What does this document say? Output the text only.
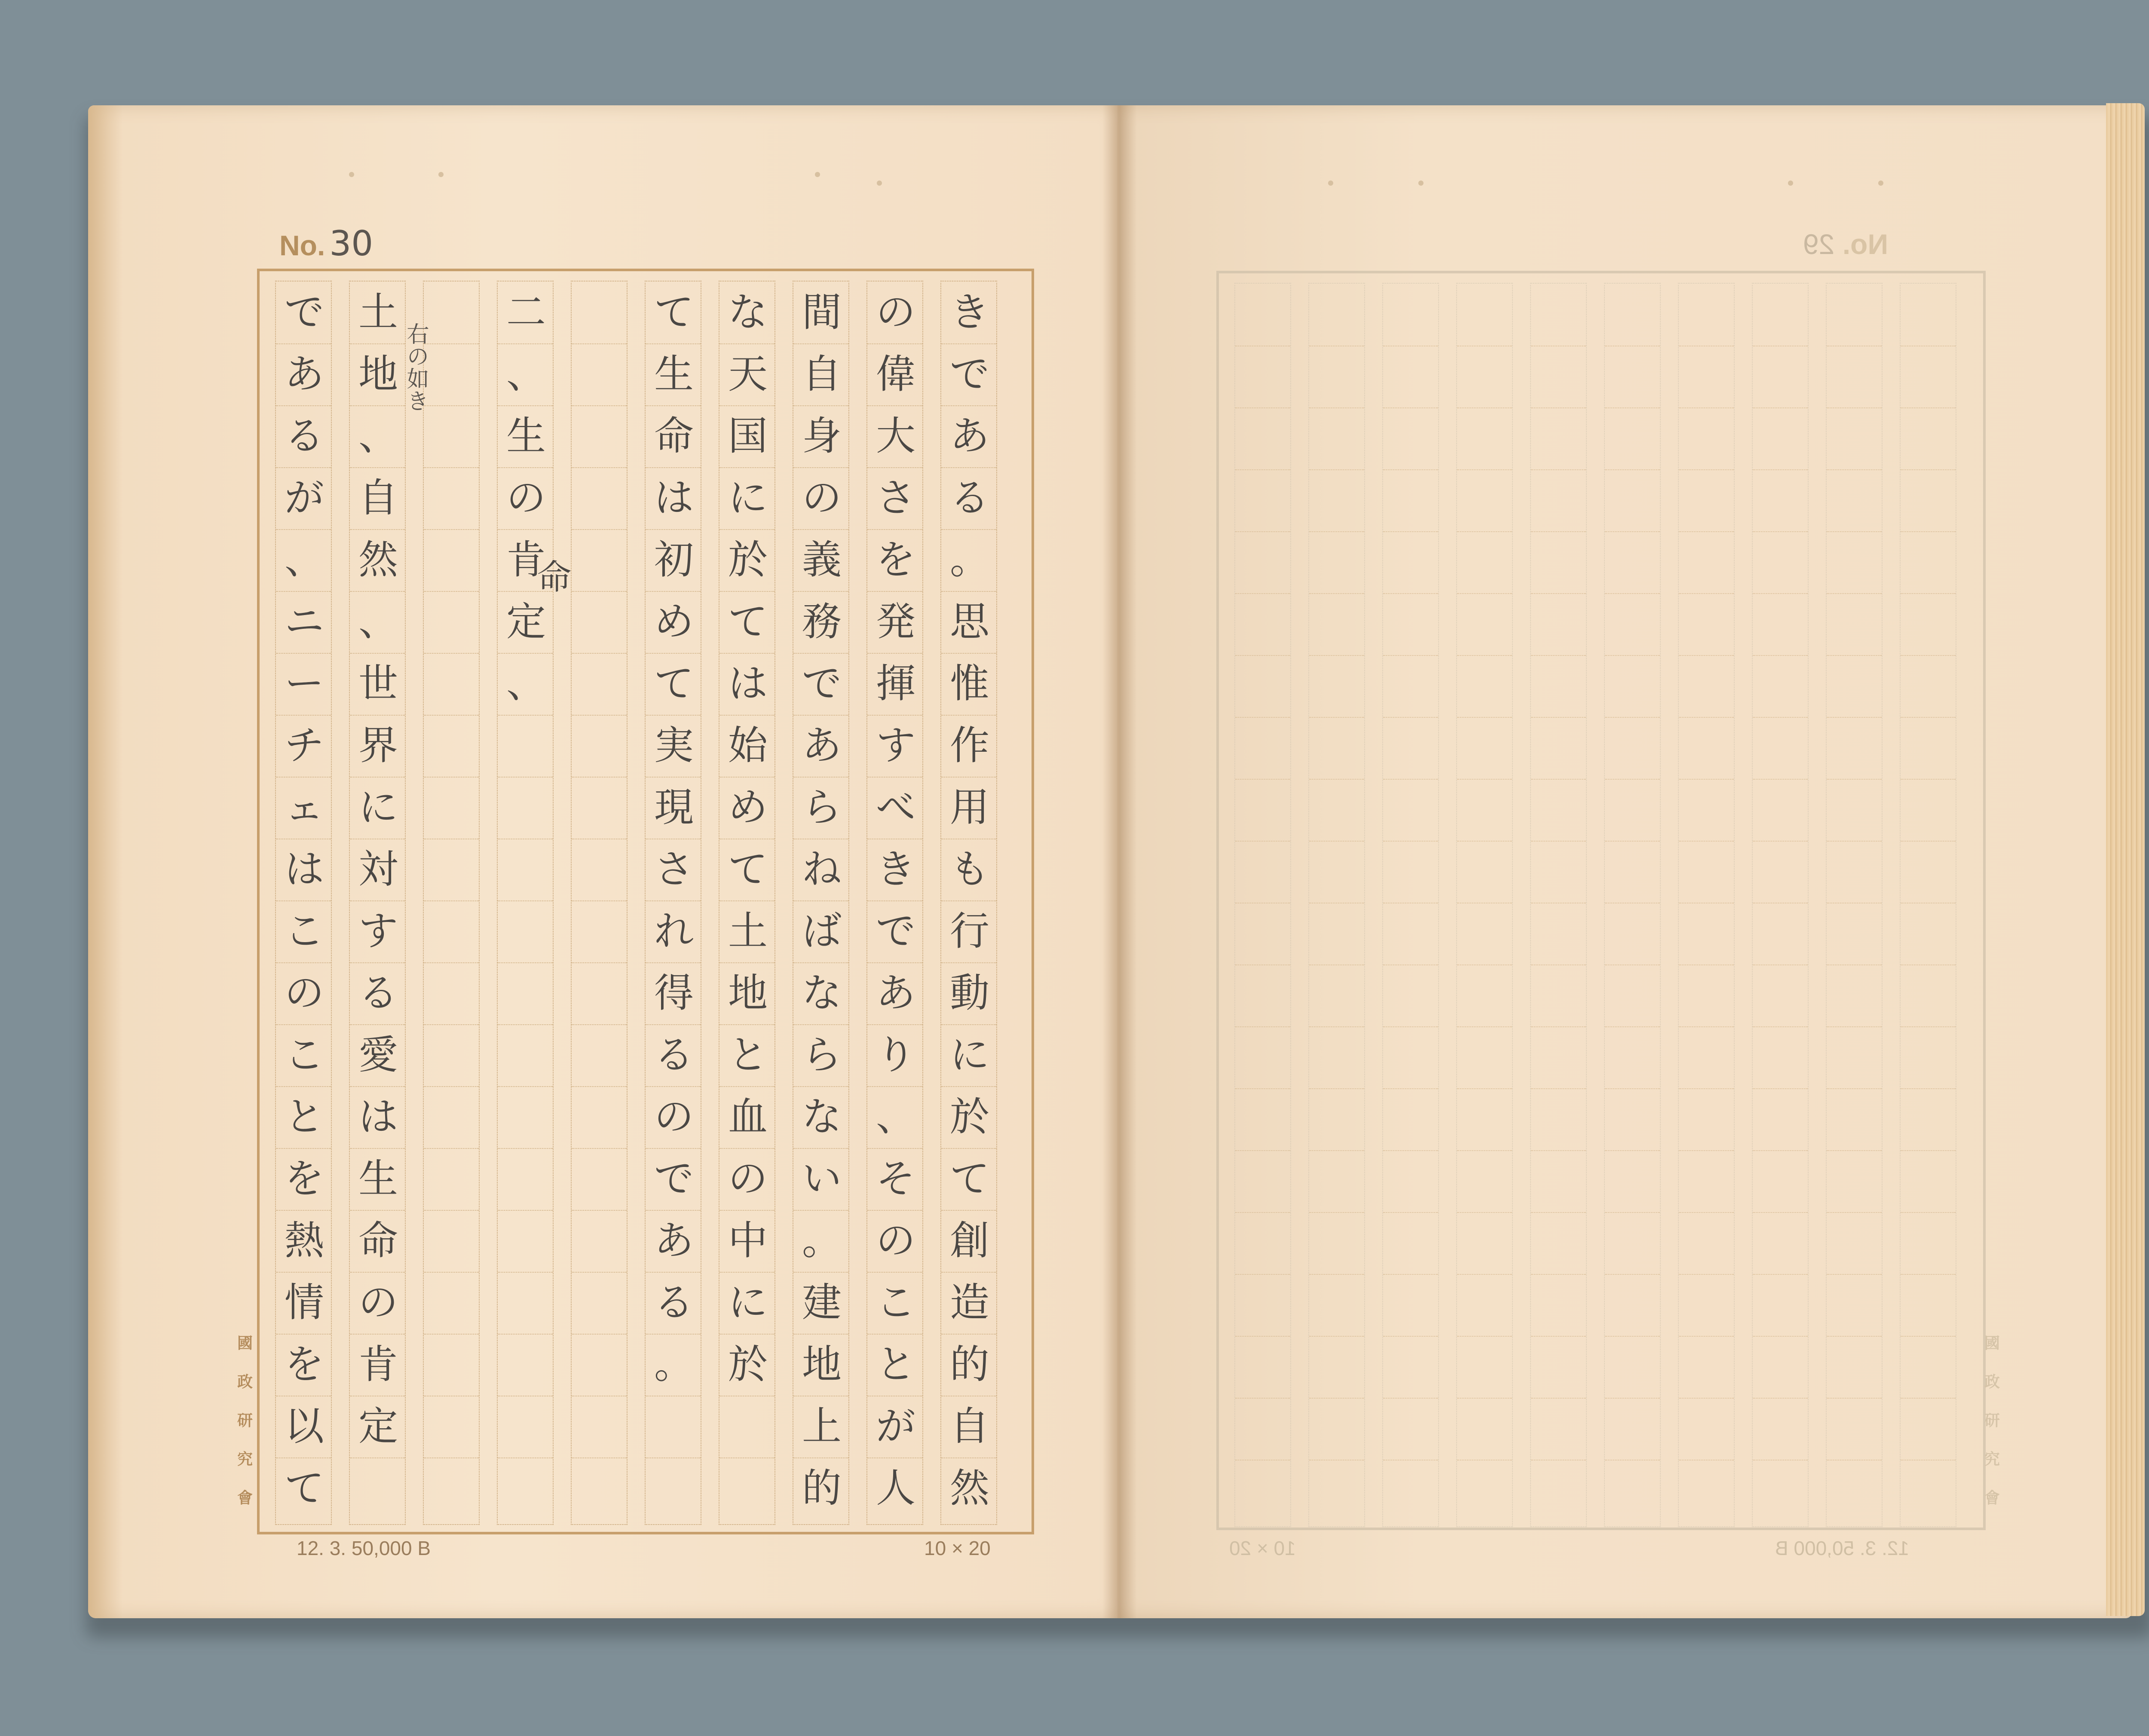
No. 30
で
あ
る
が
、
ニ
ー
チ
ェ
は
こ
の
こ
と
を
熱
情
を
以
て
土
地
、
自
然
、
世
界
に
対
す
る
愛
は
生
命
の
肯
定
二
、
生
の
肯
定
、
て
生
命
は
初
め
て
実
現
さ
れ
得
る
の
で
あ
る
。
な
天
国
に
於
て
は
始
め
て
土
地
と
血
の
中
に
於
間
自
身
の
義
務
で
あ
ら
ね
ば
な
ら
な
い
。
建
地
上
的
の
偉
大
さ
を
発
揮
す
べ
き
で
あ
り
、
そ
の
こ
と
が
人
き
で
あ
る
。
思
惟
作
用
も
行
動
に
於
て
創
造
的
自
然
右の如き
命
國
政
研
究
會
12. 3. 50,000 B	10 × 20
No. 29
國
政
研
究
會
10 × 20	12. 3. 50,000 B
